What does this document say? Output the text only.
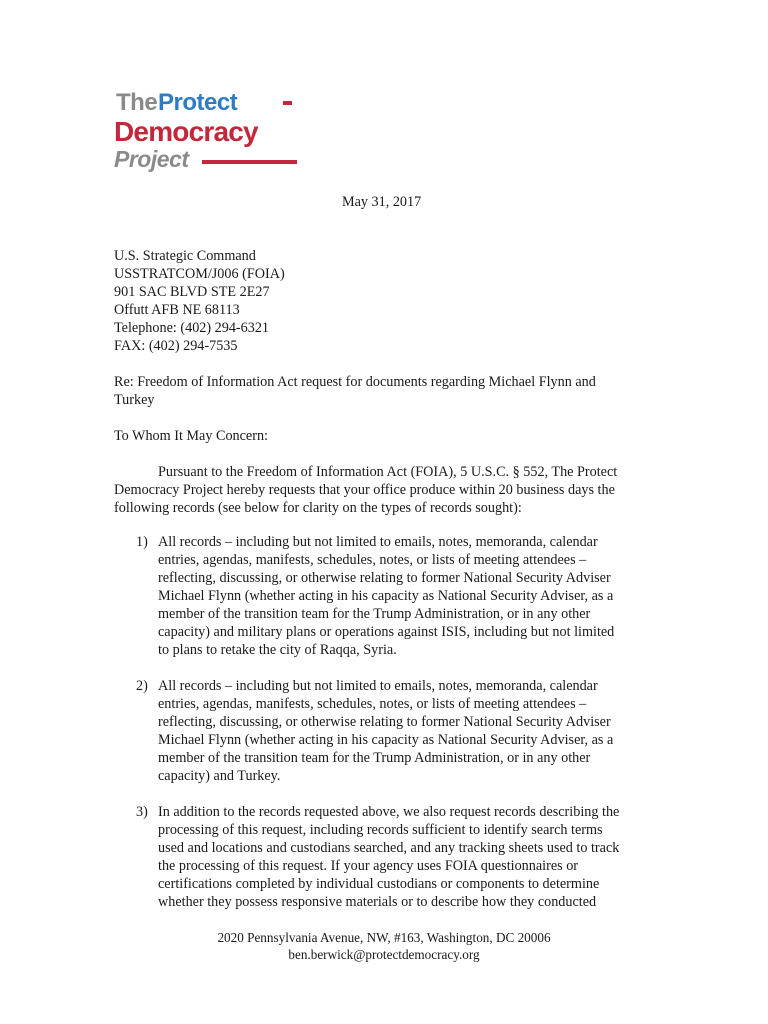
The Protect
Democracy
Project
May 31, 2017
U.S. Strategic Command
USSTRATCOM/J006 (FOIA)
901 SAC BLVD STE 2E27
Offutt AFB NE 68113
Telephone: (402) 294-6321
FAX: (402) 294-7535
Re: Freedom of Information Act request for documents regarding Michael Flynn and
Turkey
To Whom It May Concern:
Pursuant to the Freedom of Information Act (FOIA), 5 U.S.C. § 552, The Protect
Democracy Project hereby requests that your office produce within 20 business days the
following records (see below for clarity on the types of records sought):
1) All records – including but not limited to emails, notes, memoranda, calendar
entries, agendas, manifests, schedules, notes, or lists of meeting attendees –
reflecting, discussing, or otherwise relating to former National Security Adviser
Michael Flynn (whether acting in his capacity as National Security Adviser, as a
member of the transition team for the Trump Administration, or in any other
capacity) and military plans or operations against ISIS, including but not limited
to plans to retake the city of Raqqa, Syria.
2) All records – including but not limited to emails, notes, memoranda, calendar
entries, agendas, manifests, schedules, notes, or lists of meeting attendees –
reflecting, discussing, or otherwise relating to former National Security Adviser
Michael Flynn (whether acting in his capacity as National Security Adviser, as a
member of the transition team for the Trump Administration, or in any other
capacity) and Turkey.
3) In addition to the records requested above, we also request records describing the
processing of this request, including records sufficient to identify search terms
used and locations and custodians searched, and any tracking sheets used to track
the processing of this request. If your agency uses FOIA questionnaires or
certifications completed by individual custodians or components to determine
whether they possess responsive materials or to describe how they conducted
2020 Pennsylvania Avenue, NW, #163, Washington, DC 20006
ben.berwick@protectdemocracy.org
